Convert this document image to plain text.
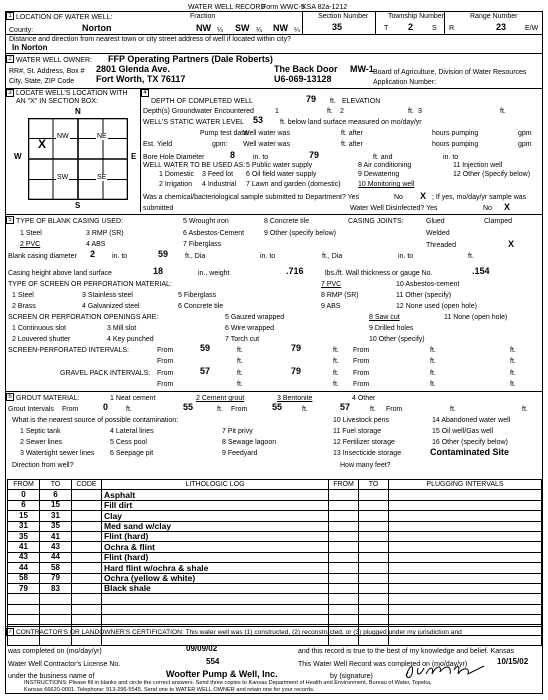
WATER WELL RECORD
Form WWC-5
KSA 82a-1212
1 LOCATION OF WATER WELL:	Fraction
County:	Norton	NW ¼ SW ¼ NW ¼
Section Number
35
Township Number
T 2	S
Range Number
R	23	E/W
Distance and direction from nearest town or city street address of well if located within city?
In Norton
2 WATER WELL OWNER: FFP Operating Partners (Dale Roberts)
RR#, St. Address, Box # 2801 Glenda Ave.	The Back Door MW-1 Board of Agriculture, Division of Water Resources
City, State, ZIP Code Fort Worth, TX 76117	U6-069-13128	Application Number:
3 LOCATE WELL'S LOCATION WITH
AN "X" IN SECTION BOX:
N
S
W	E
NW	NE
SW	SE
X
4
DEPTH OF COMPLETED WELL	79 ft. ELEVATION
Depth(s) Groundwater Encountered	1	ft. 2	ft. 3	ft.
WELL'S STATIC WATER LEVEL 53 ft. below land surface measured on mo/day/yr
Pump test data:
Well water was	ft. after	hours pumping	gpm
Est. Yield	gpm: Well water was	ft. after	hours pumping	gpm
Bore Hole Diameter	8	in. to	79	ft. and	in. to
WELL WATER TO BE USED AS: 5 Public water supply	8 Air conditioning	11 Injection well
1 Domestic 3 Feed lot 6 Oil field water supply	9 Dewatering	12 Other (Specify below)
2 Irrigation 4 Industrial 7 Lawn and garden (domestic) 10 Monitoring well
Was a chemical/bacteriological sample submitted to Department? Yes	No X ; If yes, mo/day/yr sample was
submitted	Water Well Disinfected? Yes	No X
5 TYPE OF BLANK CASING USED:	5 Wrought iron	8 Concrete tile	CASING JOINTS:	Glued	Clamped
1 Steel	3 RMP (SR)	6 Asbestos-Cement	9 Other (specify below)	Welded
2 PVC	4 ABS	7 Fiberglass	Threaded	X
Blank casing diameter 2 in. to	59 ft., Dia	in. to	ft., Dia	in. to	ft.
Casing height above land surface	18	in., weight	.716	lbs./ft. Wall thickness or gauge No.	.154
TYPE OF SCREEN OR PERFORATION MATERIAL:	7 PVC	10 Asbestos-cement
1 Steel	3 Stainless steel	5 Fiberglass	8 RMP (SR)	11 Other (specify)
2 Brass	4 Galvanized steel	6 Concrete tile	9 ABS	12 None used (open hole)
SCREEN OR PERFORATION OPENINGS ARE:	5 Gauzed wrapped	8 Saw cut	11 None (open hole)
1 Continuous slot	3 Mill slot	6 Wire wrapped	9 Drilled holes
2 Louvered shutter	4 Key punched	7 Torch cut	10 Other (specify)
SCREEN-PERFORATED INTERVALS:	From	59	ft.	79	ft. From	ft.	ft.
From	ft.	ft. From	ft.	ft.
GRAVEL PACK INTERVALS: From	57	ft.	79	ft. From	ft.	ft.
From	ft.	ft. From	ft.	ft.
6 GROUT MATERIAL:	1 Neat cement	2 Cement grout	3 Bentonite	4 Other
Grout Intervals From	0	ft.	55	ft. From	55	ft.	57	ft. From	ft.	ft.
What is the nearest source of possible contamination:	10 Livestock pens	14 Abandoned water well
1 Septic tank	4 Lateral lines	7 Pit privy	11 Fuel storage	15 Oil well/Gas well
2 Sewer lines	5 Cess pool	8 Sewage lagoon	12 Fertilizer storage	16 Other (specify below)
3 Watertight sewer lines 6 Seepage pit	9 Feedyard	13 Insecticide storage	Contaminated Site
Direction from well?	How many feet?
FROM	TO	CODE	LITHOLOGIC LOG	FROM	TO	PLUGGING INTERVALS
0	6		Asphalt			
6	15		Fill dirt			
15	31		Clay			
31	35		Med sand w/clay			
35	41		Flint (hard)			
41	43		Ochra & flint			
43	44		Flint (hard)			
44	58		Hard flint w/ochra & shale			
58	79		Ochra (yellow & white)			
79	83		Black shale			

7 CONTRACTOR'S OR LANDOWNER'S CERTIFICATION: This water well was (1) constructed, (2) reconstructed, or (3) plugged under my jurisdiction and
was completed on (mo/day/yr)	09/09/02	and this record is true to the best of my knowledge and belief. Kansas
Water Well Contractor's License No.	554	This Water Well Record was completed on (mo/day/yr)	10/15/02
under the business name of	Woofter Pump & Well, Inc.	by (signature)
INSTRUCTIONS: Please fill in blanks and circle the correct answers. Send three copies to Kansas Department of Health and Environment, Bureau of Water, Topeka,
Kansas 66620-0001. Telephone: 913-296-5545. Send one to WATER WELL OWNER and retain one for your records.
